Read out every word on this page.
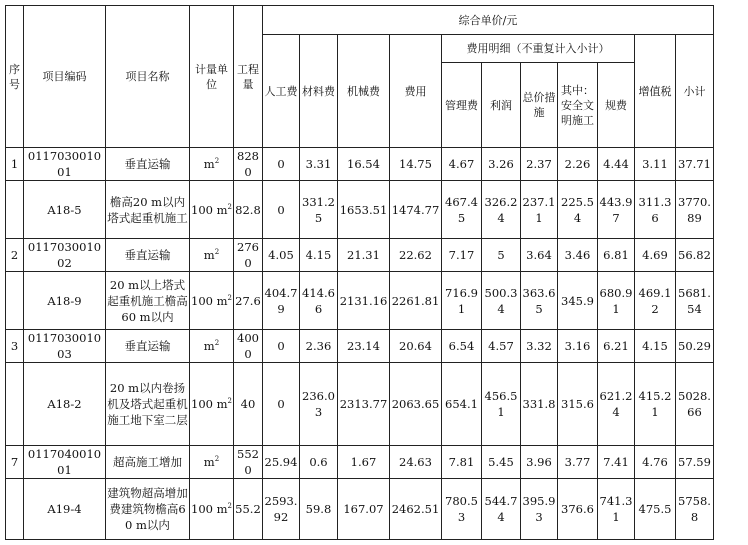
序号	项目编码	项目名称	计量单位	工程量	综合单价/元										
					人工费	材料费	机械费	费用	费用明细（不重复计入小计）					增值税	小计
									管理费	利润	总价措施	其中：安全文明施工	规费		
1	011703001001	垂直运输	$m^2$	8280	0	3.31	16.54	14.75	4.67	3.26	2.37	2.26	4.44	3.11	37.71
	A18-5	檐高20 m以内塔式起重机施工	100 $m^2$	82.8	0	331.25	1653.51	1474.77	467.45	326.24	237.11	225.54	443.97	311.36	3770.89
2	011703001002	垂直运输	$m^2$	2760	4.05	4.15	21.31	22.62	7.17	5	3.64	3.46	6.81	4.69	56.82
	A18-9	20 m以上塔式起重机施工檐高60 m以内	100 $m^2$	27.6	404.79	414.66	2131.16	2261.81	716.91	500.34	363.65	345.9	680.91	469.12	5681.54
3	011703001003	垂直运输	$m^2$	4000	0	2.36	23.14	20.64	6.54	4.57	3.32	3.16	6.21	4.15	50.29
	A18-2	20 m以内卷扬机及塔式起重机施工地下室二层	100 $m^2$	40	0	236.03	2313.77	2063.65	654.1	456.51	331.8	315.6	621.24	415.21	5028.66
7	011704001001	超高施工增加	$m^2$	5520	25.94	0.6	1.67	24.63	7.81	5.45	3.96	3.77	7.41	4.76	57.59
	A19-4	建筑物超高增加费建筑物檐高60 m以内	100 $m^2$	55.2	2593.92	59.8	167.07	2462.51	780.53	544.74	395.93	376.6	741.31	475.5	5758.8
